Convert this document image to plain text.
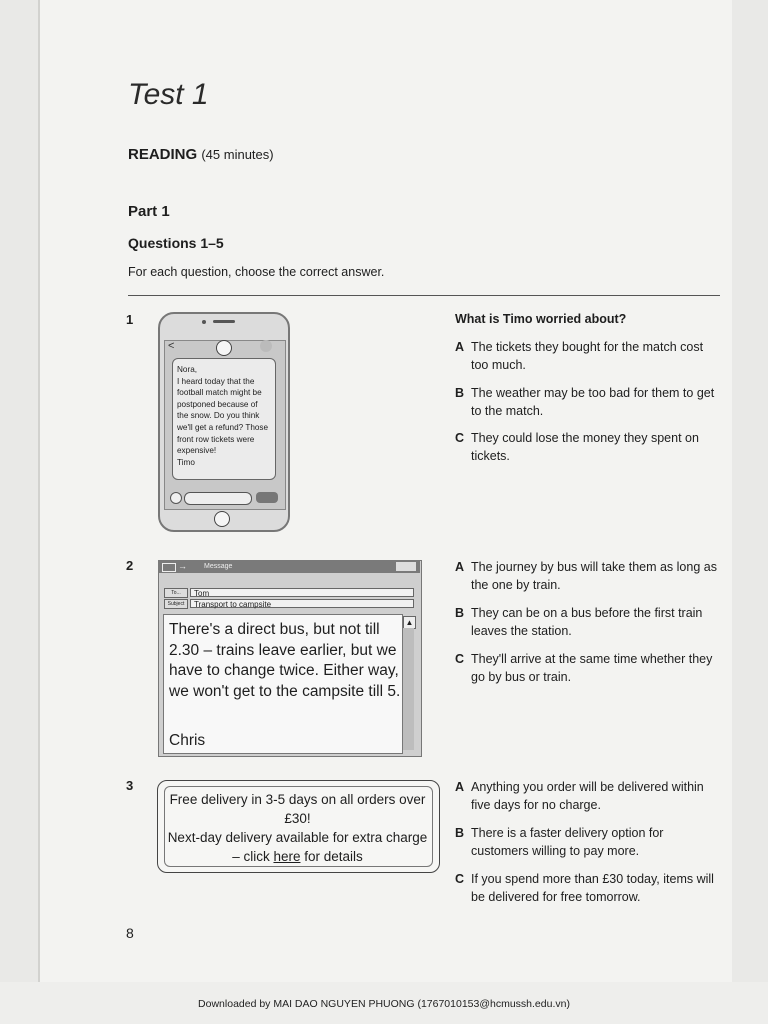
Test 1
READING (45 minutes)
Part 1
Questions 1–5
For each question, choose the correct answer.
1
<
Nora,
I heard today that the football match might be postponed because of the snow. Do you think we'll get a refund? Those front row tickets were expensive!
Timo
What is Timo worried about?
A The tickets they bought for the match cost too much.
B The weather may be too bad for them to get to the match.
C They could lose the money they spent on tickets.
2	→ Message
To...	Tom
Subject	Transport to campsite
There's a direct bus, but not till 2.30 – trains leave earlier, but we have to change twice. Either way, we won't get to the campsite till 5.
Chris
▲
A The journey by bus will take them as long as the one by train.
B They can be on a bus before the first train leaves the station.
C They'll arrive at the same time whether they go by bus or train.
3
Free delivery in 3-5 days on all orders over £30!
Next-day delivery available for extra charge – click here for details
A Anything you order will be delivered within five days for no charge.
B There is a faster delivery option for customers willing to pay more.
C If you spend more than £30 today, items will be delivered for free tomorrow.
8
Downloaded by MAI DAO NGUYEN PHUONG (1767010153@hcmussh.edu.vn)
